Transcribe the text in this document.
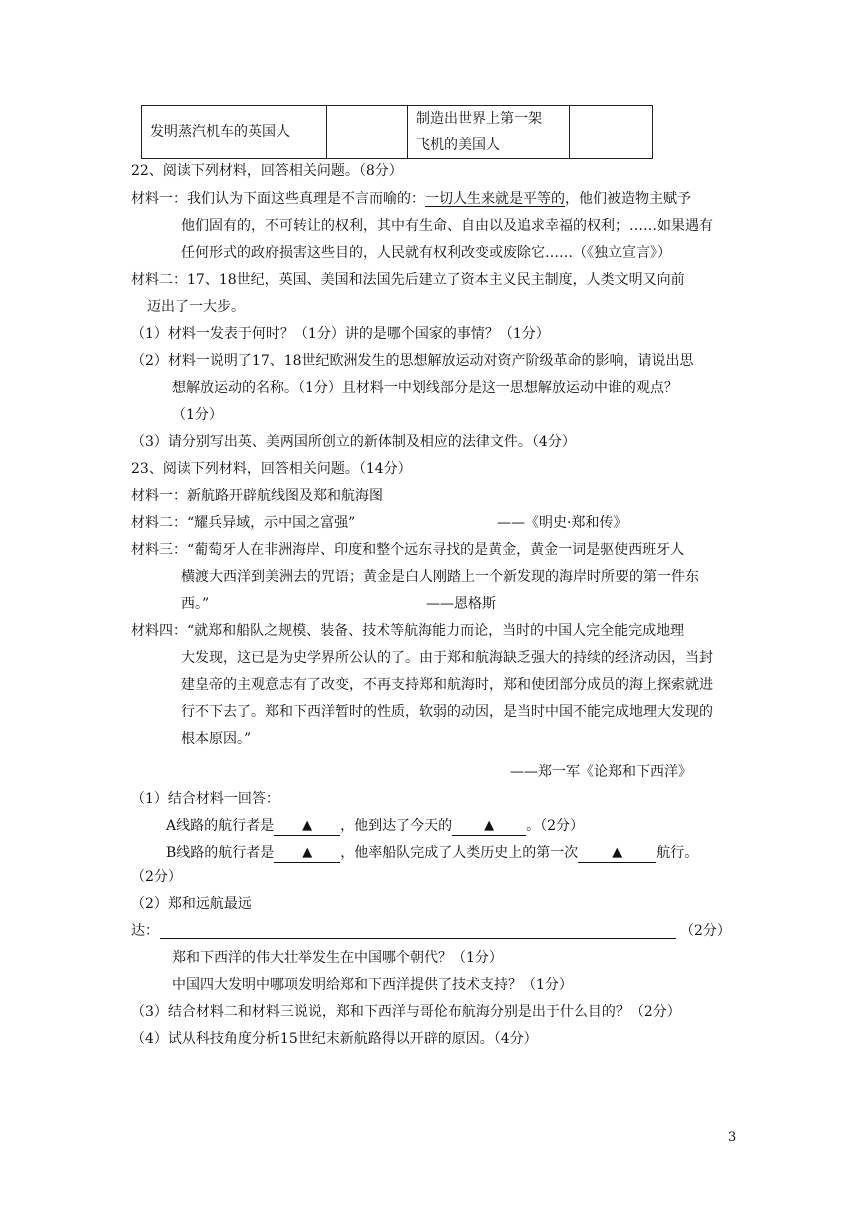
发明蒸汽机车的英国人		制造出世界上第一架
飞机的美国人	
22、阅读下列材料，回答相关问题。（8分）
材料一：我们认为下面这些真理是不言而喻的：一切人生来就是平等的，他们被造物主赋予
他们固有的，不可转让的权利，其中有生命、自由以及追求幸福的权利；……如果遇有
任何形式的政府损害这些目的，人民就有权利改变或废除它……（《独立宣言》）
材料二：17、18世纪，英国、美国和法国先后建立了资本主义民主制度，人类文明又向前
迈出了一大步。
（1）材料一发表于何时？（1分）讲的是哪个国家的事情？（1分）
（2）材料一说明了17、18世纪欧洲发生的思想解放运动对资产阶级革命的影响，请说出思
想解放运动的名称。（1分）且材料一中划线部分是这一思想解放运动中谁的观点？
（1分）
（3）请分别写出英、美两国所创立的新体制及相应的法律文件。（4分）
23、阅读下列材料，回答相关问题。（14分）
材料一：新航路开辟航线图及郑和航海图
材料二：“耀兵异域，示中国之富强”	——《明史·郑和传》
材料三：“葡萄牙人在非洲海岸、印度和整个远东寻找的是黄金，黄金一词是驱使西班牙人
横渡大西洋到美洲去的咒语；黄金是白人刚踏上一个新发现的海岸时所要的第一件东
西。”	——恩格斯
材料四：“就郑和船队之规模、装备、技术等航海能力而论，当时的中国人完全能完成地理
大发现，这已是为史学界所公认的了。由于郑和航海缺乏强大的持续的经济动因，当封
建皇帝的主观意志有了改变，不再支持郑和航海时，郑和使团部分成员的海上探索就进
行不下去了。郑和下西洋暂时的性质，软弱的动因，是当时中国不能完成地理大发现的
根本原因。”
——郑一军《论郑和下西洋》
（1）结合材料一回答：
A线路的航行者是 ▲ ，他到达了今天的 ▲ 。（2分）
B线路的航行者是 ▲ ，他率船队完成了人类历史上的第一次	▲ 航行。
（2分）
（2）郑和远航最远
达：	（2分）
郑和下西洋的伟大壮举发生在中国哪个朝代？（1分）
中国四大发明中哪项发明给郑和下西洋提供了技术支持？（1分）
（3）结合材料二和材料三说说，郑和下西洋与哥伦布航海分别是出于什么目的？（2分）
（4）试从科技角度分析15世纪末新航路得以开辟的原因。（4分）
3
